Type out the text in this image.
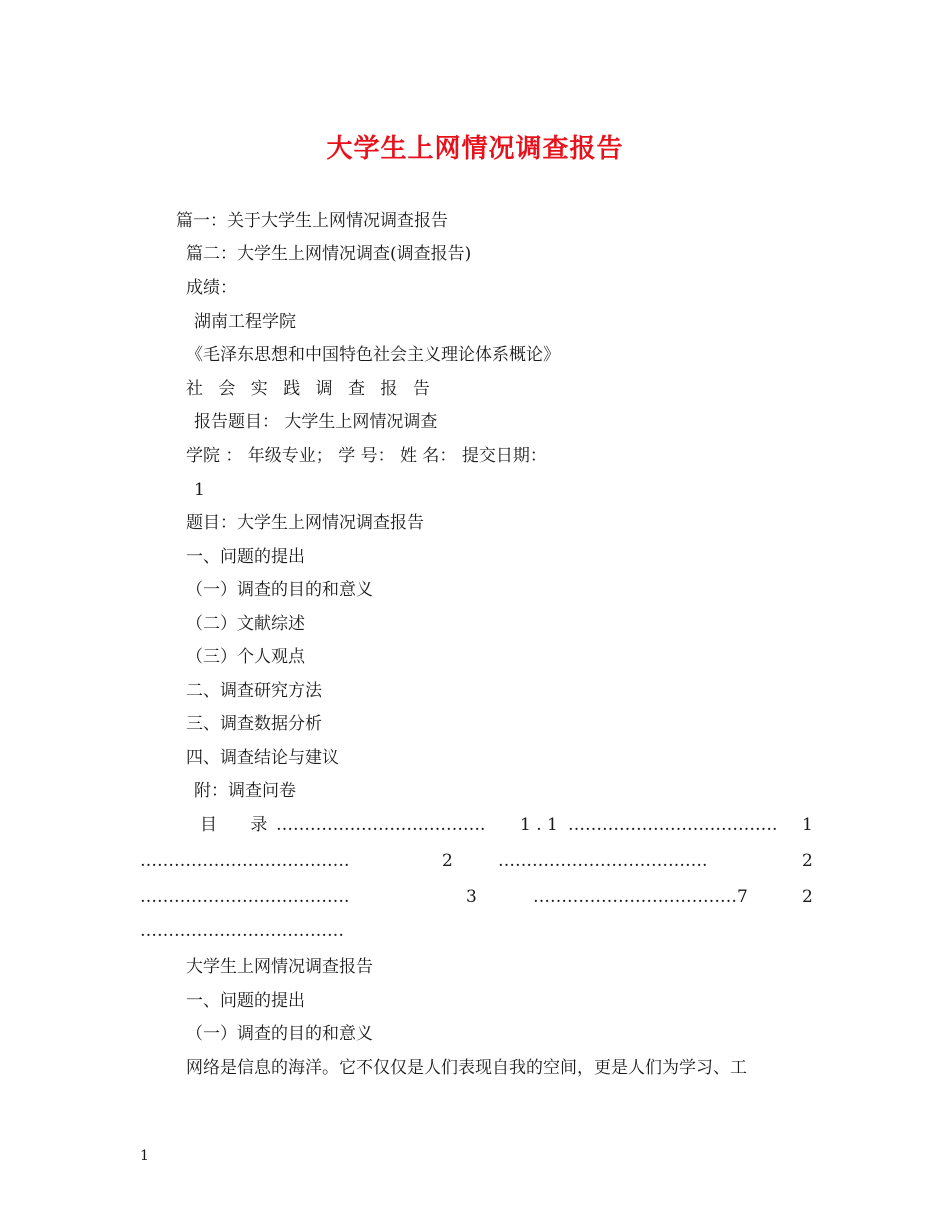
大学生上网情况调查报告
篇一：关于大学生上网情况调查报告
篇二：大学生上网情况调查(调查报告)
成绩：
湖南工程学院
《毛泽东思想和中国特色社会主义理论体系概论》
社 会 实 践 调 查 报 告
报告题目： 大学生上网情况调查
学院 ： 年级专业； 学 号： 姓 名： 提交日期：
1
题目：大学生上网情况调查报告
一、问题的提出
（一）调查的目的和意义
（二）文献综述
（三）个人观点
二、调查研究方法
三、调查数据分析
四、调查结论与建议
附：调查问卷
目 录
………………………………. 1 . 1 ………………………………. 1
……………………………….	2	……………………………….	2
……………………………….	3	………………………………7	2
………………………………
大学生上网情况调查报告
一、问题的提出
（一）调查的目的和意义
网络是信息的海洋。它不仅仅是人们表现自我的空间，更是人们为学习、工
1
